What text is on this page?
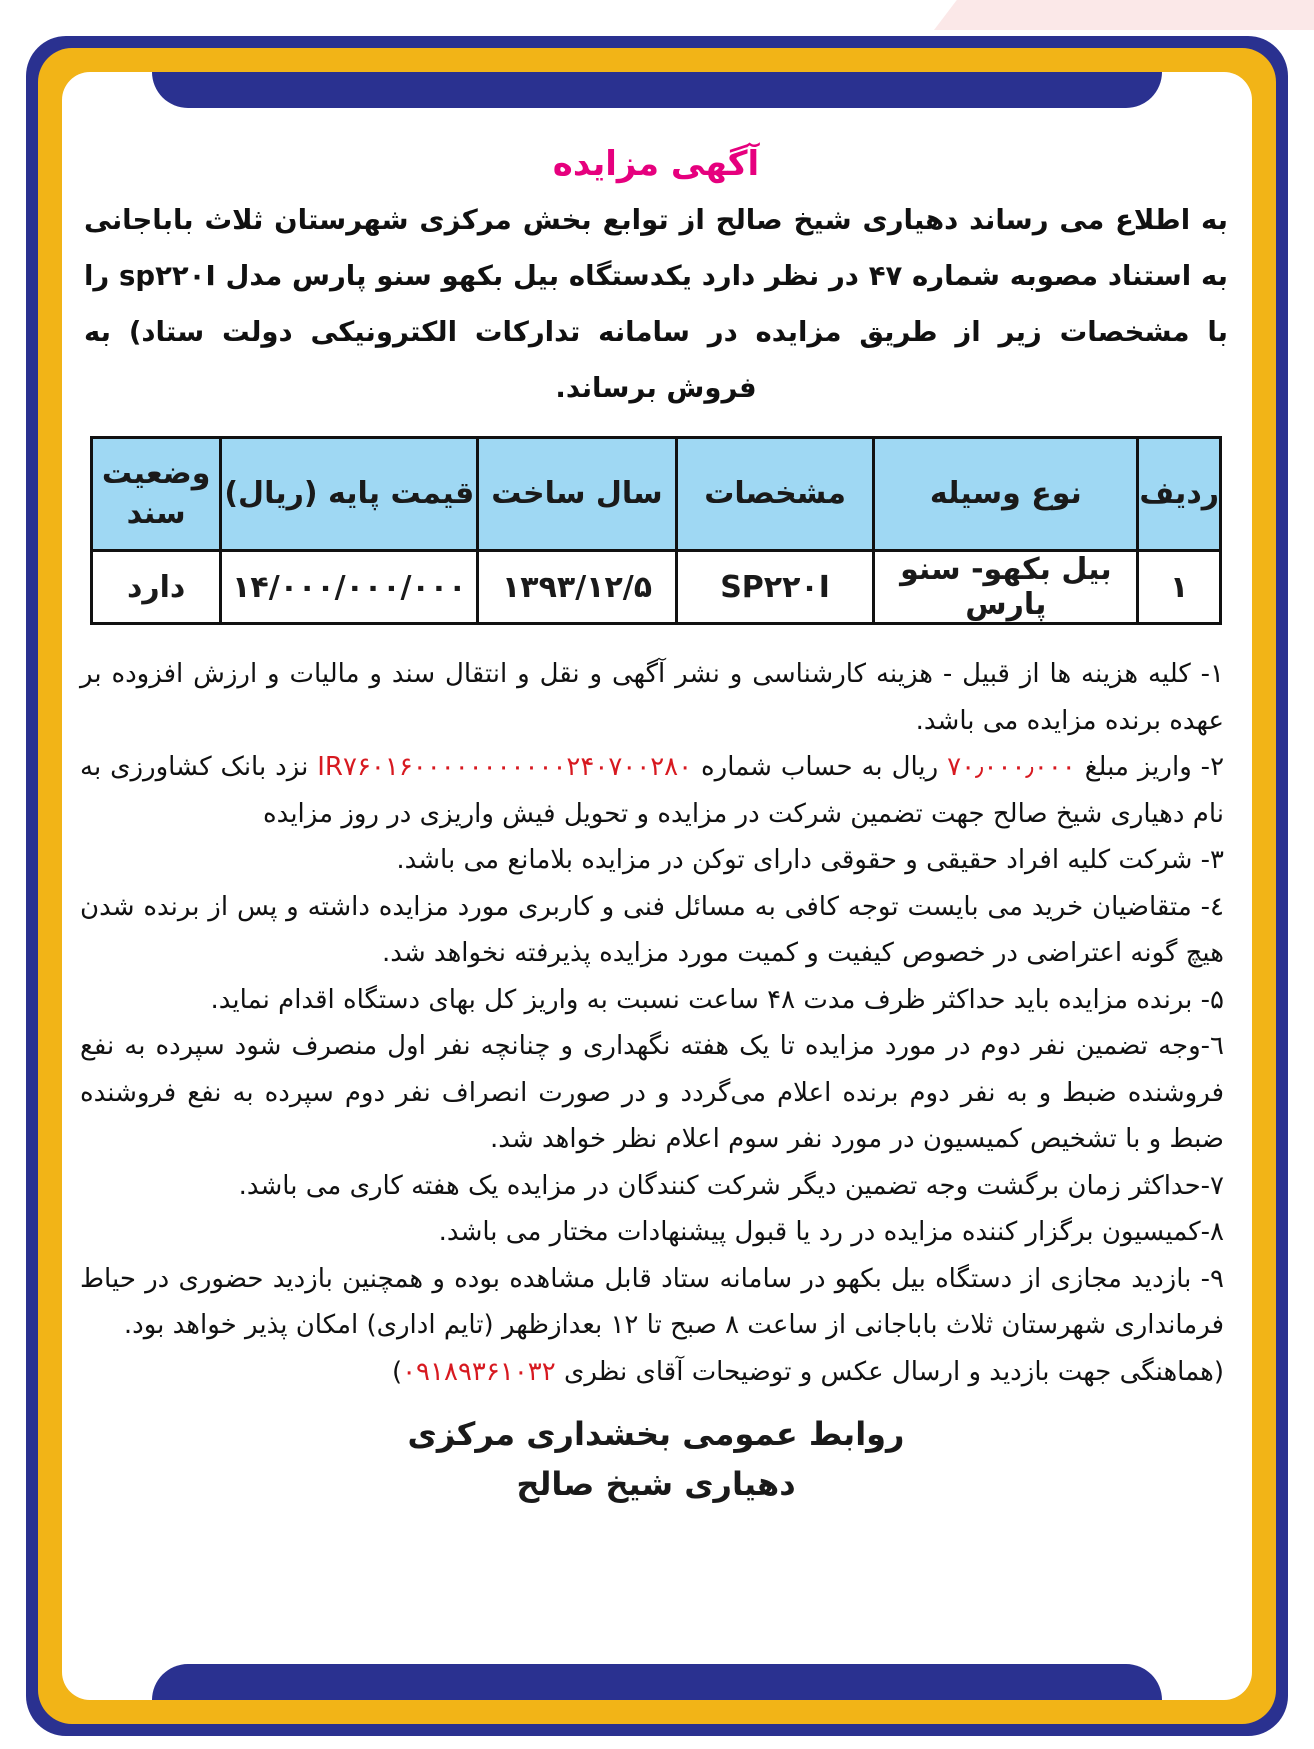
آگهی مزایده
به اطلاع می رساند دهیاری شیخ صالح از توابع بخش مرکزی شهرستان ثلاث باباجانی به استناد مصوبه شماره ۴۷ در نظر دارد یکدستگاه بیل بکهو سنو پارس مدل sp۲۲۰I را با مشخصات زیر از طریق مزایده در سامانه تدارکات الکترونیکی دولت ستاد) به فروش برساند.
ردیف	نوع وسیله	مشخصات	سال ساخت	قیمت پایه (ریال)	وضعیت سند
۱	بیل بکهو- سنو پارس	SP۲۲۰I	۱۳۹۳/۱۲/۵	۱۴/۰۰۰/۰۰۰/۰۰۰	دارد

۱- کلیه هزینه ها از قبیل - هزینه کارشناسی و نشر آگهی و نقل و انتقال سند و مالیات و ارزش افزوده بر عهده برنده مزایده می باشد.

۲- واریز مبلغ ۷۰٫۰۰۰٫۰۰۰ ریال به حساب شماره IR۷۶۰۱۶۰۰۰۰۰۰۰۰۰۰۰۲۴۰۷۰۰۲۸۰ نزد بانک کشاورزی به نام دهیاری شیخ صالح جهت تضمین شرکت در مزایده و تحویل فیش واریزی در روز مزایده

۳- شرکت کلیه افراد حقیقی و حقوقی دارای توکن در مزایده بلامانع می باشد.

٤- متقاضیان خرید می بایست توجه کافی به مسائل فنی و کاربری مورد مزایده داشته و پس از برنده شدن هیچ گونه اعتراضی در خصوص کیفیت و کمیت مورد مزایده پذیرفته نخواهد شد.

۵- برنده مزایده باید حداکثر ظرف مدت ۴۸ ساعت نسبت به واریز کل بهای دستگاه اقدام نماید.

٦-وجه تضمین نفر دوم در مورد مزایده تا یک هفته نگهداری و چنانچه نفر اول منصرف شود سپرده به نفع فروشنده ضبط و به نفر دوم برنده اعلام می‌گردد و در صورت انصراف نفر دوم سپرده به نفع فروشنده ضبط و با تشخیص کمیسیون در مورد نفر سوم اعلام نظر خواهد شد.

۷-حداکثر زمان برگشت وجه تضمین دیگر شرکت کنندگان در مزایده یک هفته کاری می باشد.

۸-کمیسیون برگزار کننده مزایده در رد یا قبول پیشنهادات مختار می باشد.

۹- بازدید مجازی از دستگاه بیل بکهو در سامانه ستاد قابل مشاهده بوده و همچنین بازدید حضوری در حیاط فرمانداری شهرستان ثلاث باباجانی از ساعت ۸ صبح تا ۱۲ بعدازظهر (تایم اداری) امکان پذیر خواهد بود.

(هماهنگی جهت بازدید و ارسال عکس و توضیحات آقای نظری ۰۹۱۸۹۳۶۱۰۳۲)

روابط عمومی بخشداری مرکزی
دهیاری شیخ صالح
